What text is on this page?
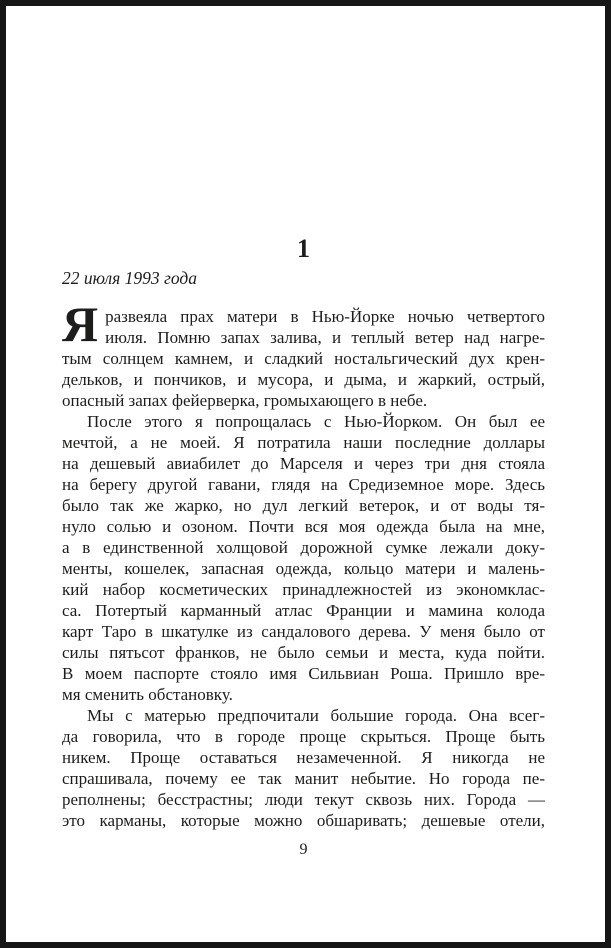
1
22 июля 1993 года
Я развеяла прах матери в Нью-Йорке ночью четвертого
июля. Помню запах залива, и теплый ветер над нагре-
тым солнцем камнем, и сладкий ностальгический дух крен-
дельков, и пончиков, и мусора, и дыма, и жаркий, острый,
опасный запах фейерверка, громыхающего в небе.
После этого я попрощалась с Нью-Йорком. Он был ее
мечтой, а не моей. Я потратила наши последние доллары
на дешевый авиабилет до Марселя и через три дня стояла
на берегу другой гавани, глядя на Средиземное море. Здесь
было так же жарко, но дул легкий ветерок, и от воды тя-
нуло солью и озоном. Почти вся моя одежда была на мне,
а в единственной холщовой дорожной сумке лежали доку-
менты, кошелек, запасная одежда, кольцо матери и малень-
кий набор косметических принадлежностей из экономклас-
са. Потертый карманный атлас Франции и мамина колода
карт Таро в шкатулке из сандалового дерева. У меня было от
силы пятьсот франков, не было семьи и места, куда пойти.
В моем паспорте стояло имя Сильвиан Роша. Пришло вре-
мя сменить обстановку.
Мы с матерью предпочитали большие города. Она всег-
да говорила, что в городе проще скрыться. Проще быть
никем. Проще оставаться незамеченной. Я никогда не
спрашивала, почему ее так манит небытие. Но города пе-
реполнены; бесстрастны; люди текут сквозь них. Города —
это карманы, которые можно обшаривать; дешевые отели,
9
